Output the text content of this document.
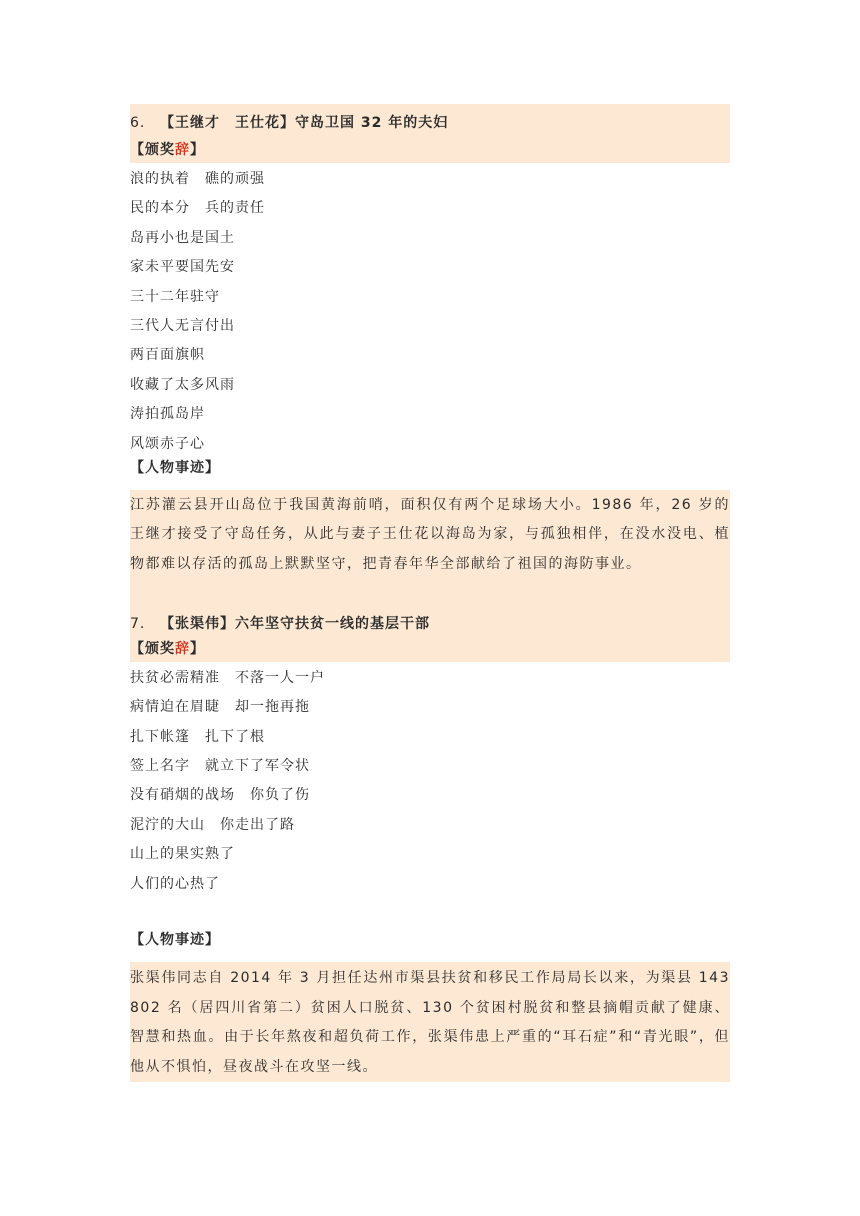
6. 【王继才　王仕花】守岛卫国 32 年的夫妇
【颁奖辞】
浪的执着　礁的顽强
民的本分　兵的责任
岛再小也是国土
家未平要国先安
三十二年驻守
三代人无言付出
两百面旗帜
收藏了太多风雨
涛拍孤岛岸
风颂赤子心
【人物事迹】
江苏灌云县开山岛位于我国黄海前哨，面积仅有两个足球场大小。1986 年，26 岁的王继才接受了守岛任务，从此与妻子王仕花以海岛为家，与孤独相伴，在没水没电、植物都难以存活的孤岛上默默坚守，把青春年华全部献给了祖国的海防事业。
7. 【张渠伟】六年坚守扶贫一线的基层干部
【颁奖辞】
扶贫必需精准　不落一人一户
病情迫在眉睫　却一拖再拖
扎下帐篷　扎下了根
签上名字　就立下了军令状
没有硝烟的战场　你负了伤
泥泞的大山　你走出了路
山上的果实熟了
人们的心热了
【人物事迹】
张渠伟同志自 2014 年 3 月担任达州市渠县扶贫和移民工作局局长以来，为渠县 143802 名（居四川省第二）贫困人口脱贫、130 个贫困村脱贫和整县摘帽贡献了健康、智慧和热血。由于长年熬夜和超负荷工作，张渠伟患上严重的“耳石症”和“青光眼”，但他从不惧怕，昼夜战斗在攻坚一线。
